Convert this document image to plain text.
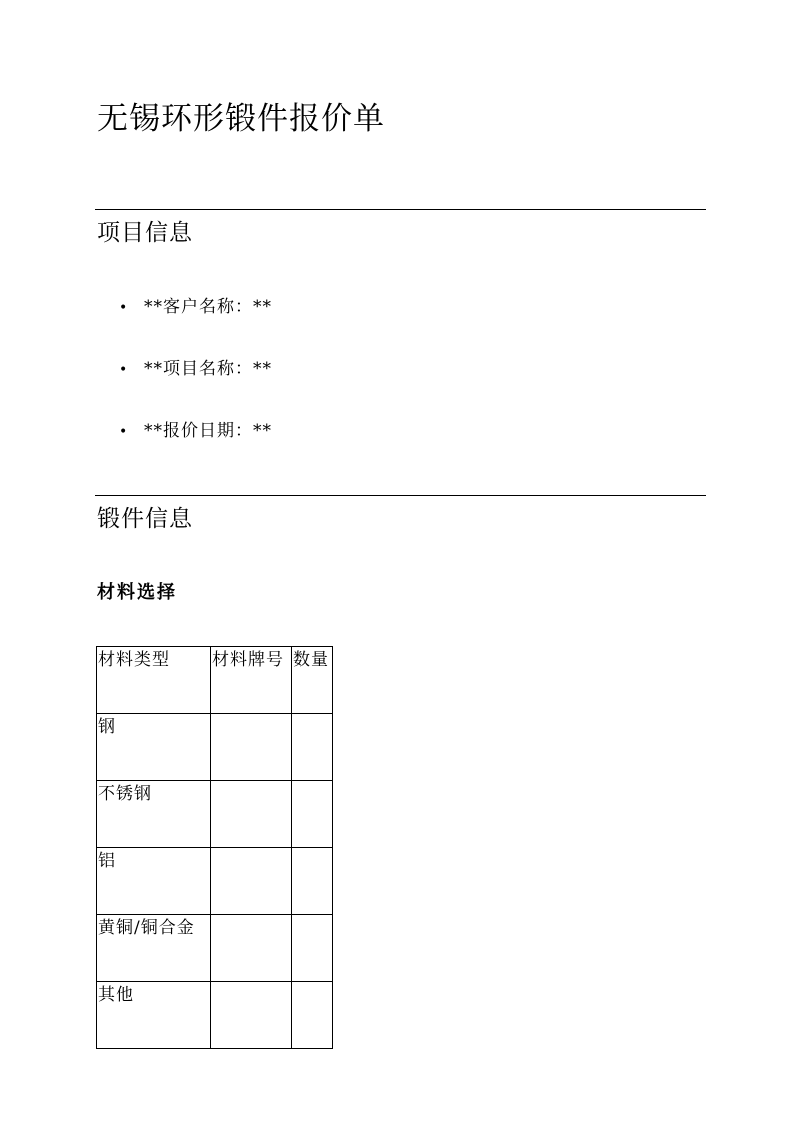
无锡环形锻件报价单
项目信息
• **客户名称：**
• **项目名称：**
• **报价日期：**
锻件信息
材料选择
材料类型	材料牌号	数量
钢		
不锈钢		
铝		
黄铜/铜合金		
其他		
